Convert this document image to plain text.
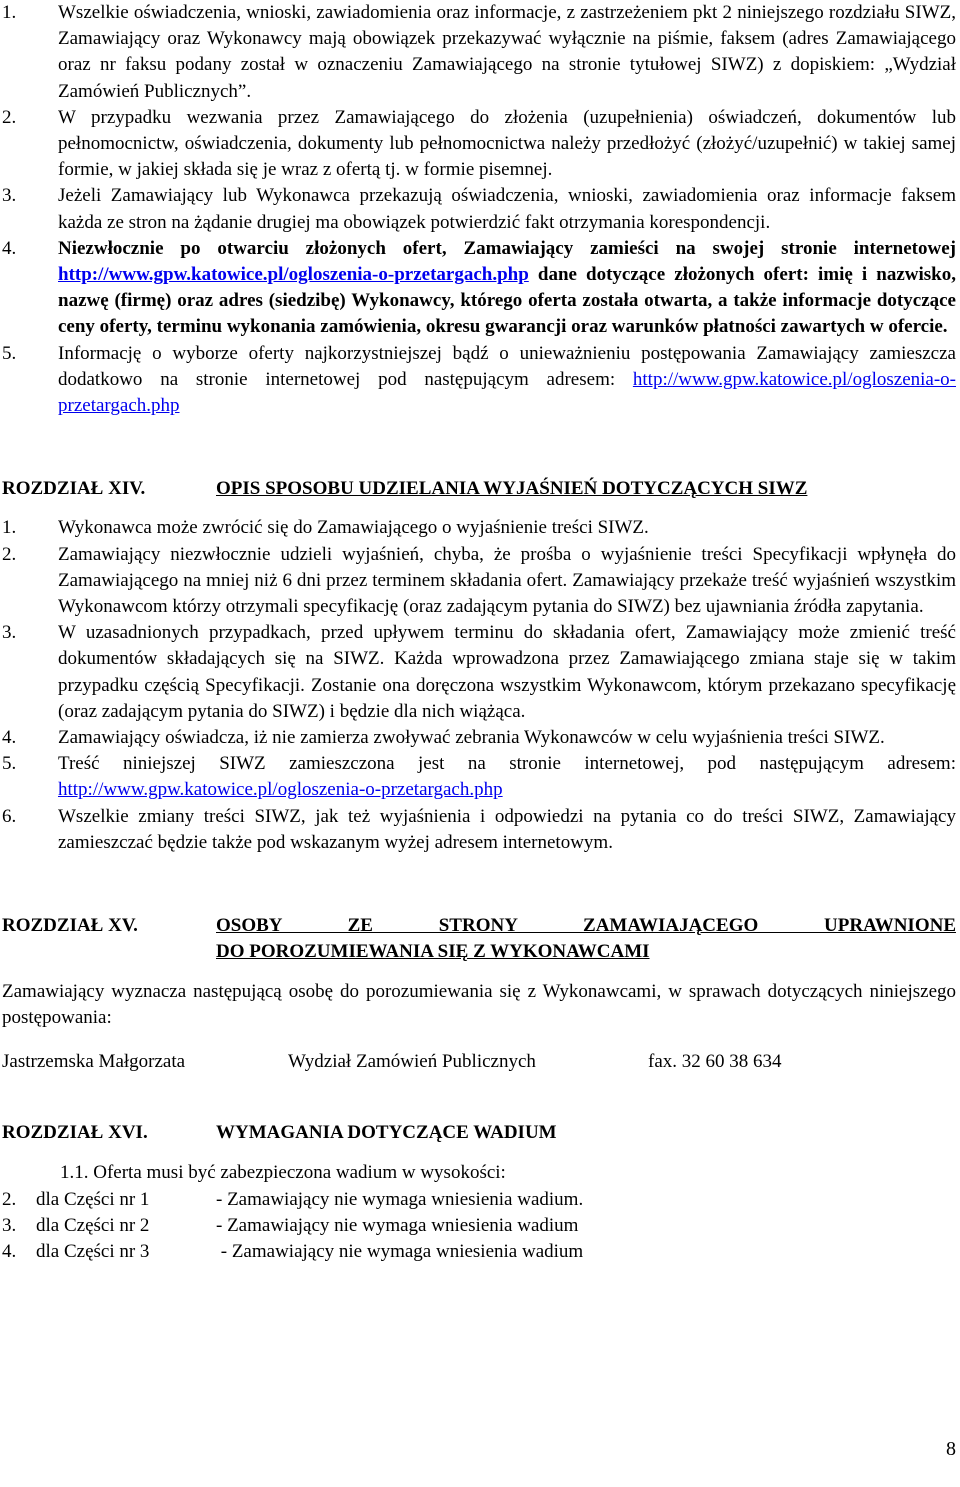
1.	Wszelkie oświadczenia, wnioski, zawiadomienia oraz informacje, z zastrzeżeniem pkt 2 niniejszego rozdziału SIWZ, Zamawiający oraz Wykonawcy mają obowiązek przekazywać wyłącznie na piśmie, faksem (adres Zamawiającego oraz nr faksu podany został w oznaczeniu Zamawiającego na stronie tytułowej SIWZ) z dopiskiem: „Wydział Zamówień Publicznych”.
2.	W przypadku wezwania przez Zamawiającego do złożenia (uzupełnienia) oświadczeń, dokumentów lub pełnomocnictw, oświadczenia, dokumenty lub pełnomocnictwa należy przedłożyć (złożyć/uzupełnić) w takiej samej formie, w jakiej składa się je wraz z ofertą tj. w formie pisemnej.
3.	Jeżeli Zamawiający lub Wykonawca przekazują oświadczenia, wnioski, zawiadomienia oraz informacje faksem każda ze stron na żądanie drugiej ma obowiązek potwierdzić fakt otrzymania korespondencji.
4.	Niezwłocznie po otwarciu złożonych ofert, Zamawiający zamieści na swojej stronie internetowej http://www.gpw.katowice.pl/ogloszenia-o-przetargach.php dane dotyczące złożonych ofert: imię i nazwisko, nazwę (firmę) oraz adres (siedzibę) Wykonawcy, którego oferta została otwarta, a także informacje dotyczące ceny oferty, terminu wykonania zamówienia, okresu gwarancji oraz warunków płatności zawartych w ofercie.
5.	Informację o wyborze oferty najkorzystniejszej bądź o unieważnieniu postępowania Zamawiający zamieszcza dodatkowo na stronie internetowej pod następującym adresem: http://www.gpw.katowice.pl/ogloszenia-o-przetargach.php
ROZDZIAŁ XIV.	OPIS SPOSOBU UDZIELANIA WYJAŚNIEŃ DOTYCZĄCYCH SIWZ
1.	Wykonawca może zwrócić się do Zamawiającego o wyjaśnienie treści SIWZ.
2.	Zamawiający niezwłocznie udzieli wyjaśnień, chyba, że prośba o wyjaśnienie treści Specyfikacji wpłynęła do Zamawiającego na mniej niż 6 dni przez terminem składania ofert. Zamawiający przekaże treść wyjaśnień wszystkim Wykonawcom którzy otrzymali specyfikację (oraz zadającym pytania do SIWZ) bez ujawniania źródła zapytania.
3.	W uzasadnionych przypadkach, przed upływem terminu do składania ofert, Zamawiający może zmienić treść dokumentów składających się na SIWZ. Każda wprowadzona przez Zamawiającego zmiana staje się w takim przypadku częścią Specyfikacji. Zostanie ona doręczona wszystkim Wykonawcom, którym przekazano specyfikację (oraz zadającym pytania do SIWZ) i będzie dla nich wiążąca.
4.	Zamawiający oświadcza, iż nie zamierza zwoływać zebrania Wykonawców w celu wyjaśnienia treści SIWZ.
5.	Treść niniejszej SIWZ zamieszczona jest na stronie internetowej, pod następującym adresem: http://www.gpw.katowice.pl/ogloszenia-o-przetargach.php
6.	Wszelkie zmiany treści SIWZ, jak też wyjaśnienia i odpowiedzi na pytania co do treści SIWZ, Zamawiający zamieszczać będzie także pod wskazanym wyżej adresem internetowym.
ROZDZIAŁ XV.	OSOBY ZE STRONY ZAMAWIAJĄCEGO UPRAWNIONE
DO POROZUMIEWANIA SIĘ Z WYKONAWCAMI
Zamawiający wyznacza następującą osobę do porozumiewania się z Wykonawcami, w sprawach dotyczących niniejszego postępowania:
Jastrzemska Małgorzata	Wydział Zamówień Publicznych	fax. 32 60 38 634
ROZDZIAŁ XVI.	WYMAGANIA DOTYCZĄCE WADIUM
1.1. Oferta musi być zabezpieczona wadium w wysokości:
2.	dla Części nr 1	- Zamawiający nie wymaga wniesienia wadium.
3.	dla Części nr 2	- Zamawiający nie wymaga wniesienia wadium
4.	dla Części nr 3	- Zamawiający nie wymaga wniesienia wadium
8
